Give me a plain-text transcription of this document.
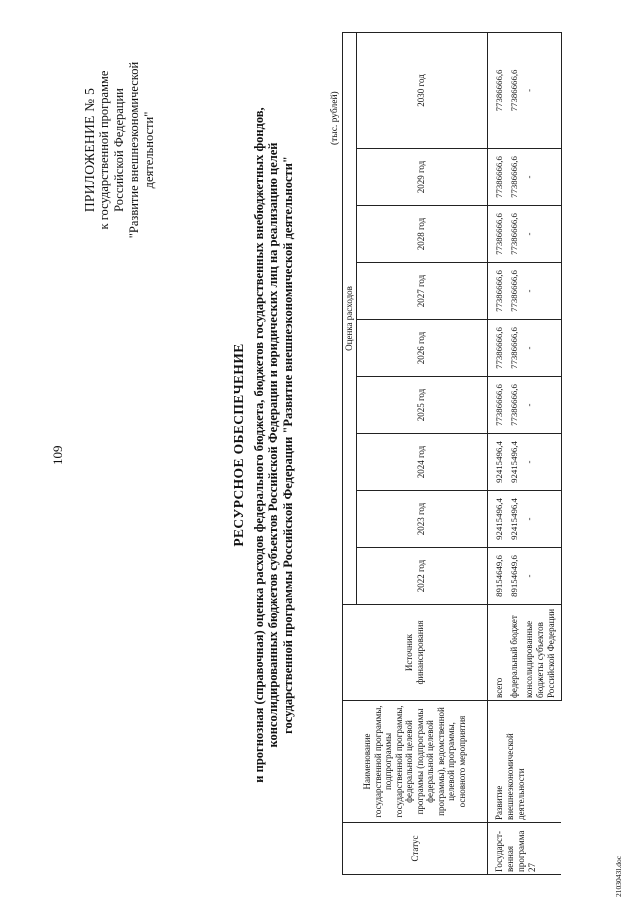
109
ПРИЛОЖЕНИЕ № 5 к государственной программе Российской Федерации "Развитие внешнеэкономической деятельности"
РЕСУРСНОЕ ОБЕСПЕЧЕНИЕ и прогнозная (справочная) оценка расходов федерального бюджета, бюджетов государственных внебюджетных фондов, консолидированных бюджетов субъектов Российской Федерации и юридических лиц на реализацию целей государственной программы Российской Федерации "Развитие внешнеэкономической деятельности"
(тыс. рублей)
Статус	Наименование государственной программы, подпрограммы государственной программы, федеральной целевой программы (подпрограммы федеральной целевой программы), ведомственной целевой программы, основного мероприятия	Источник финансирования	Оценка расходов								
			2022 год	2023 год	2024 год	2025 год	2026 год	2027 год	2028 год	2029 год	2030 год
Государст-венная программа 27	Развитие внешнеэкономической деятельности	всего	89154649,6	92415496,4	92415496,4	77386666,6	77386666,6	77386666,6	77386666,6	77386666,6	77386666,6
		федеральный бюджет	89154649,6	92415496,4	92415496,4	77386666,6	77386666,6	77386666,6	77386666,6	77386666,6	77386666,6
		консолидированные бюджеты субъектов Российской Федерации	-	-	-	-	-	-	-	-	-
2103043l.doc
